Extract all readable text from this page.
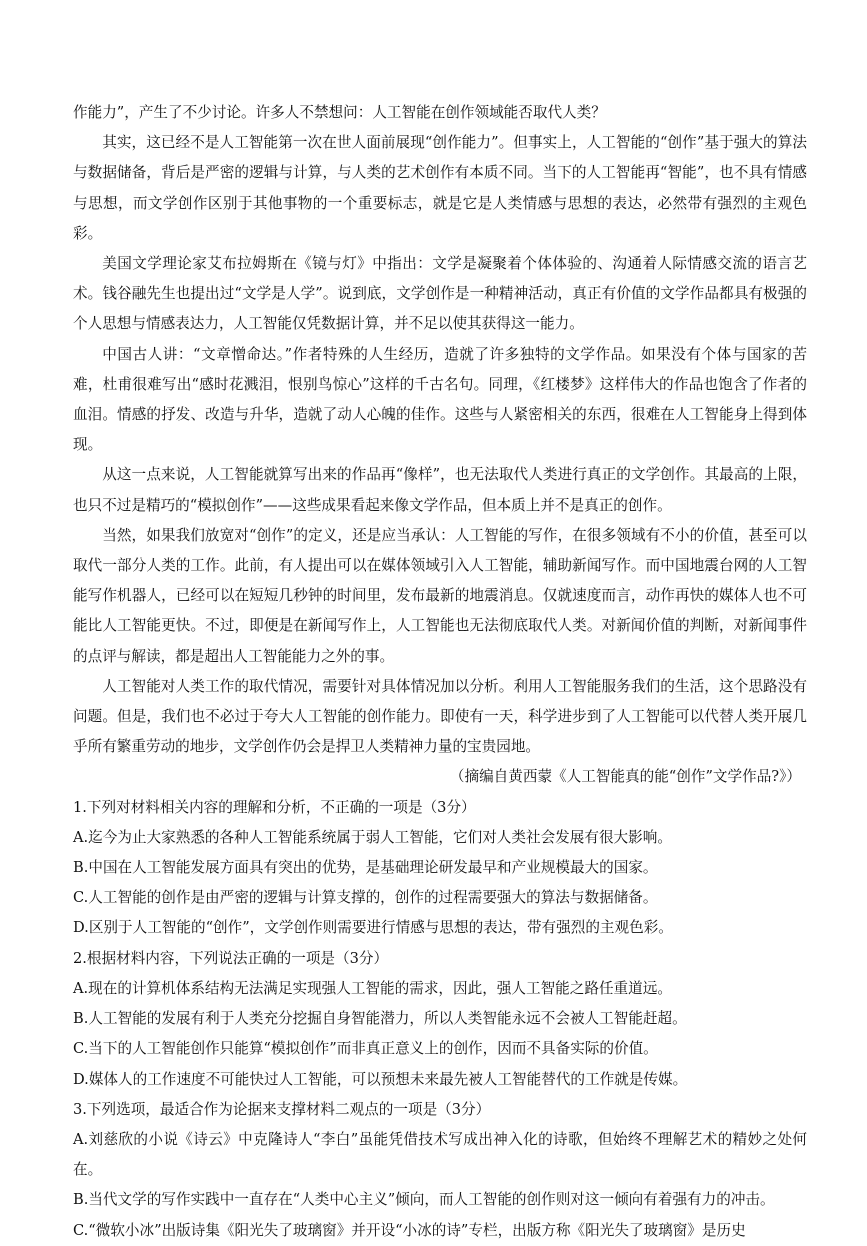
作能力”，产生了不少讨论。许多人不禁想问：人工智能在创作领域能否取代人类？

其实，这已经不是人工智能第一次在世人面前展现“创作能力”。但事实上，人工智能的“创作”基于强大的算法与数据储备，背后是严密的逻辑与计算，与人类的艺术创作有本质不同。当下的人工智能再“智能”，也不具有情感与思想，而文学创作区别于其他事物的一个重要标志，就是它是人类情感与思想的表达，必然带有强烈的主观色彩。

美国文学理论家艾布拉姆斯在《镜与灯》中指出：文学是凝聚着个体体验的、沟通着人际情感交流的语言艺术。钱谷融先生也提出过“文学是人学”。说到底，文学创作是一种精神活动，真正有价值的文学作品都具有极强的个人思想与情感表达力，人工智能仅凭数据计算，并不足以使其获得这一能力。

中国古人讲：“文章憎命达。”作者特殊的人生经历，造就了许多独特的文学作品。如果没有个体与国家的苦难，杜甫很难写出“感时花溅泪，恨别鸟惊心”这样的千古名句。同理，《红楼梦》这样伟大的作品也饱含了作者的血泪。情感的抒发、改造与升华，造就了动人心魄的佳作。这些与人紧密相关的东西，很难在人工智能身上得到体现。

从这一点来说，人工智能就算写出来的作品再“像样”，也无法取代人类进行真正的文学创作。其最高的上限，也只不过是精巧的“模拟创作”——这些成果看起来像文学作品，但本质上并不是真正的创作。

当然，如果我们放宽对“创作”的定义，还是应当承认：人工智能的写作，在很多领域有不小的价值，甚至可以取代一部分人类的工作。此前，有人提出可以在媒体领域引入人工智能，辅助新闻写作。而中国地震台网的人工智能写作机器人，已经可以在短短几秒钟的时间里，发布最新的地震消息。仅就速度而言，动作再快的媒体人也不可能比人工智能更快。不过，即便是在新闻写作上，人工智能也无法彻底取代人类。对新闻价值的判断，对新闻事件的点评与解读，都是超出人工智能能力之外的事。

人工智能对人类工作的取代情况，需要针对具体情况加以分析。利用人工智能服务我们的生活，这个思路没有问题。但是，我们也不必过于夸大人工智能的创作能力。即使有一天，科学进步到了人工智能可以代替人类开展几乎所有繁重劳动的地步，文学创作仍会是捍卫人类精神力量的宝贵园地。

（摘编自黄西蒙《人工智能真的能“创作”文学作品?》）

1.下列对材料相关内容的理解和分析，不正确的一项是（3分）

A.迄今为止大家熟悉的各种人工智能系统属于弱人工智能，它们对人类社会发展有很大影响。

B.中国在人工智能发展方面具有突出的优势，是基础理论研发最早和产业规模最大的国家。

C.人工智能的创作是由严密的逻辑与计算支撑的，创作的过程需要强大的算法与数据储备。

D.区别于人工智能的“创作”，文学创作则需要进行情感与思想的表达，带有强烈的主观色彩。

2.根据材料内容，下列说法正确的一项是（3分）

A.现在的计算机体系结构无法满足实现强人工智能的需求，因此，强人工智能之路任重道远。

B.人工智能的发展有利于人类充分挖掘自身智能潜力，所以人类智能永远不会被人工智能赶超。

C.当下的人工智能创作只能算“模拟创作”而非真正意义上的创作，因而不具备实际的价值。

D.媒体人的工作速度不可能快过人工智能，可以预想未来最先被人工智能替代的工作就是传媒。

3.下列选项，最适合作为论据来支撑材料二观点的一项是（3分）

A.刘慈欣的小说《诗云》中克隆诗人“李白”虽能凭借技术写成出神入化的诗歌，但始终不理解艺术的精妙之处何在。

B.当代文学的写作实践中一直存在“人类中心主义”倾向，而人工智能的创作则对这一倾向有着强有力的冲击。

C.“微软小冰”出版诗集《阳光失了玻璃窗》并开设“小冰的诗”专栏，出版方称《阳光失了玻璃窗》是历史
